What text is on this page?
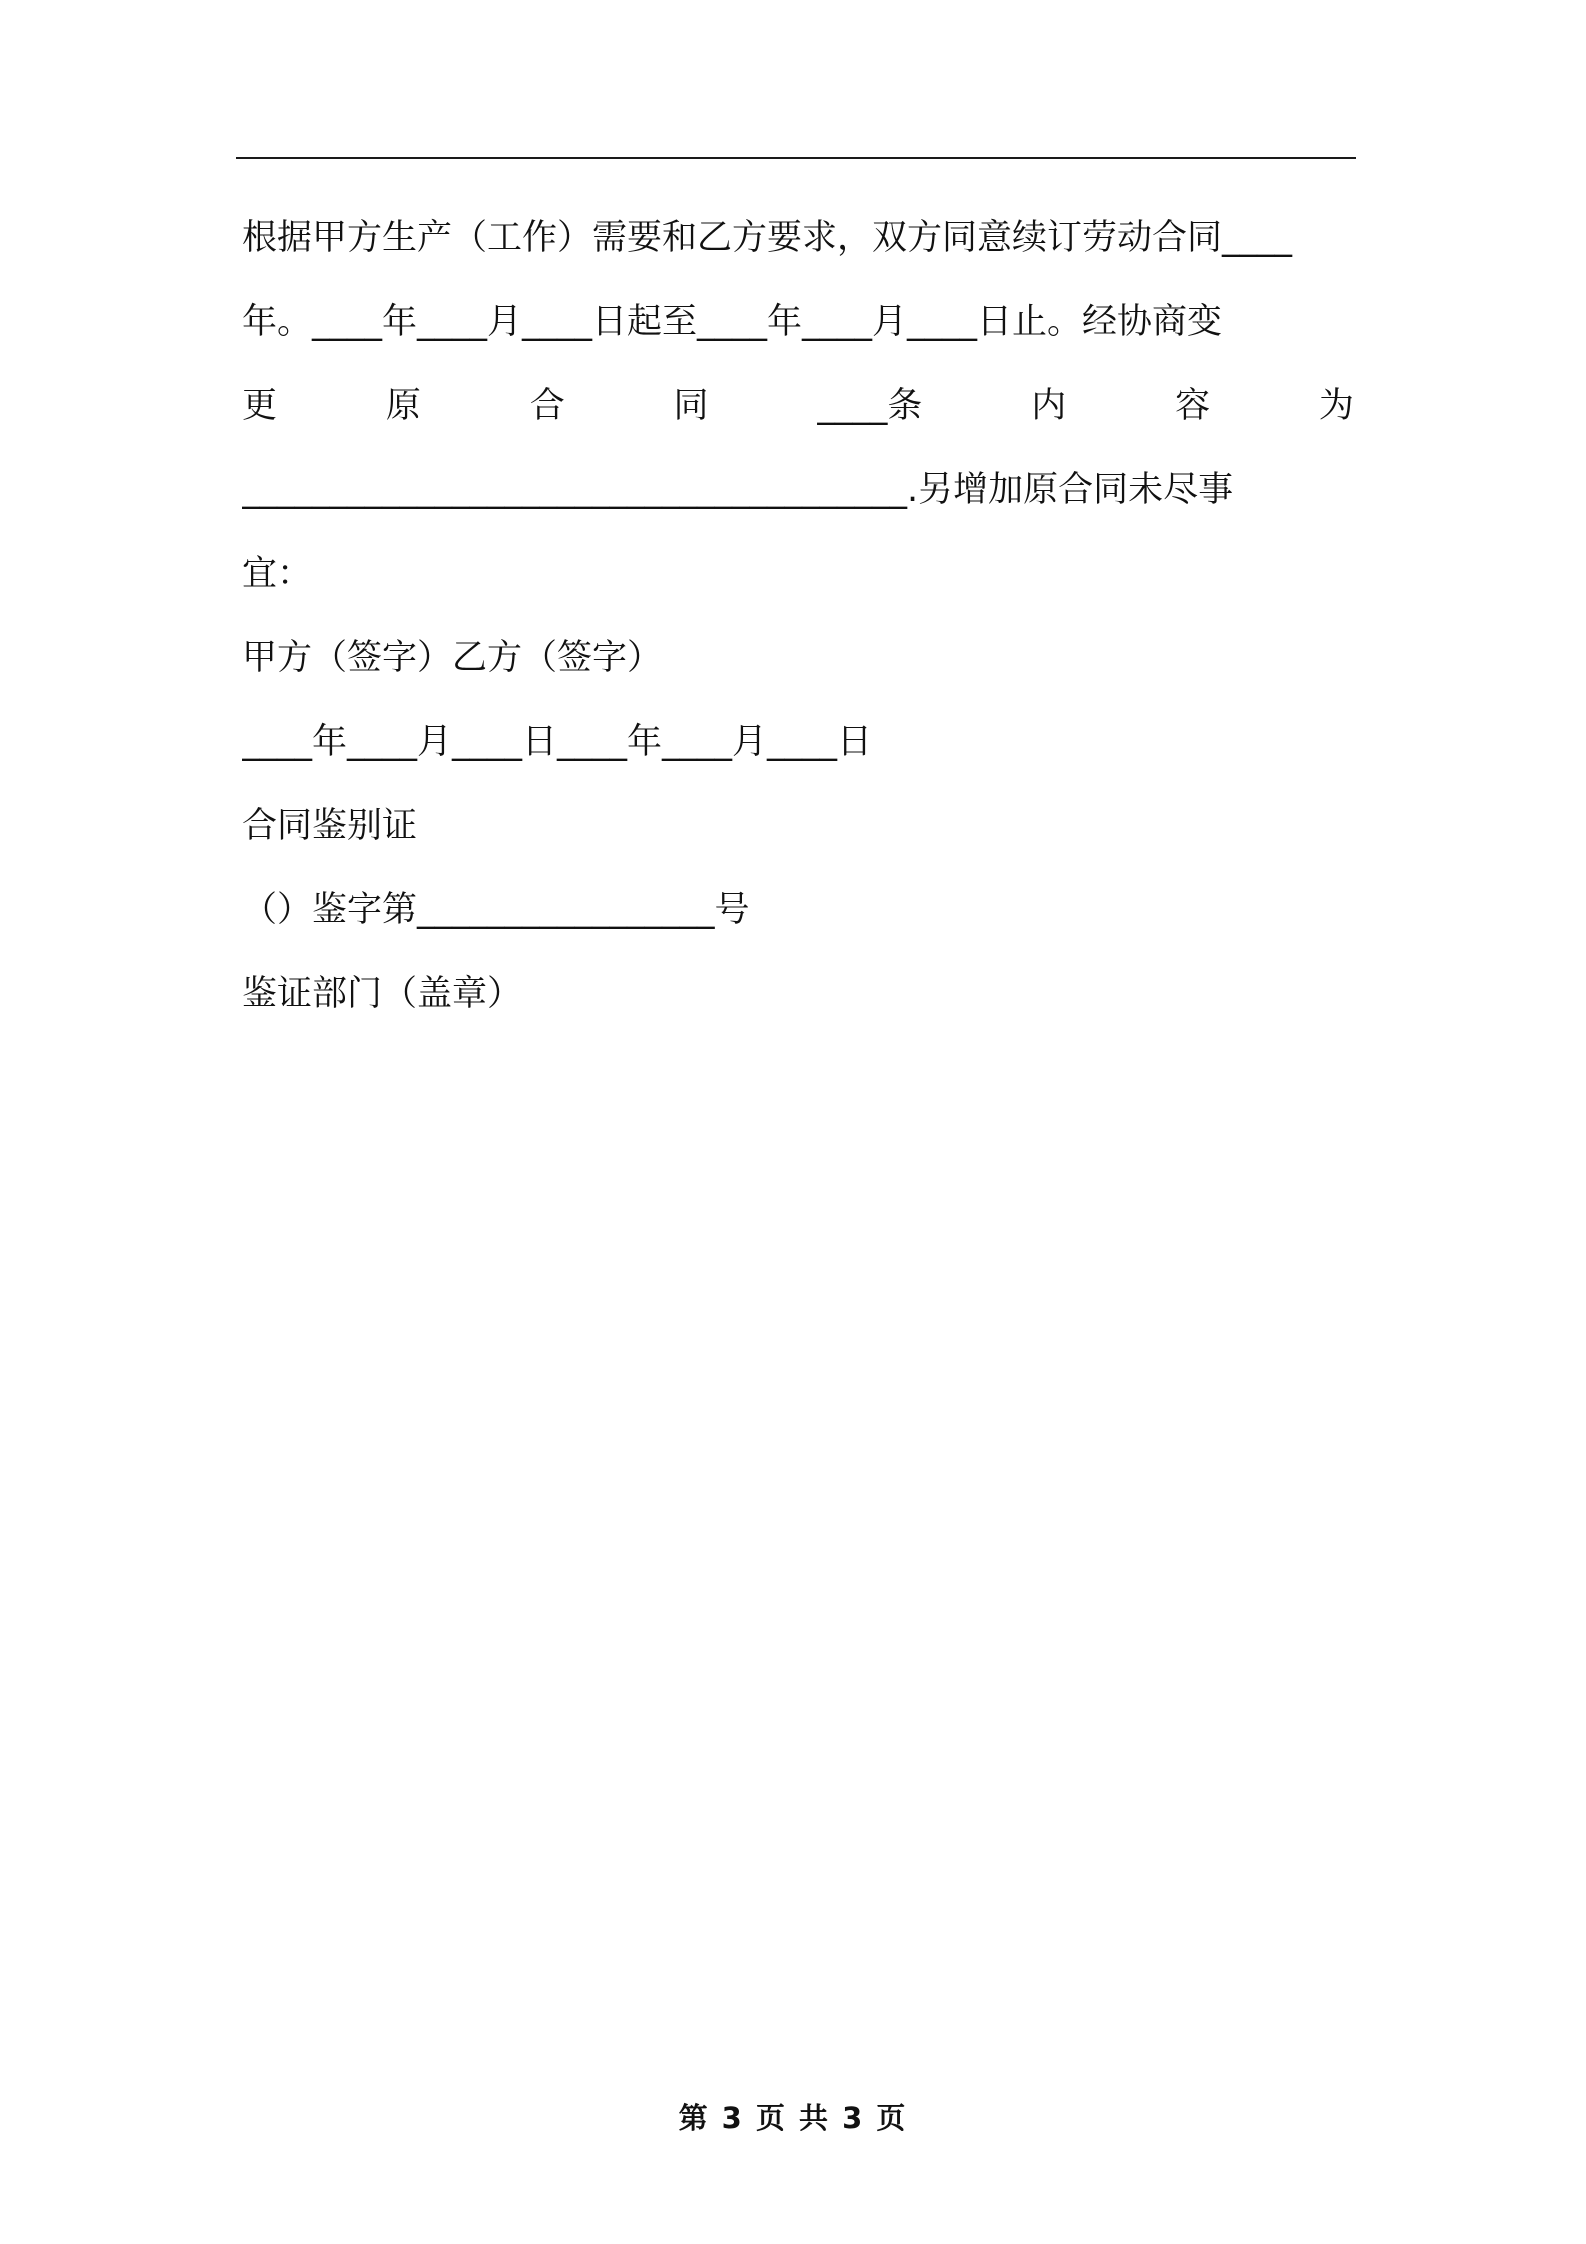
根据甲方生产（工作）需要和乙方要求，双方同意续订劳动合同____
年。____年____月____日起至____年____月____日止。经协商变
更	原	合	同	____条	内	容	为
______________________________________.另增加原合同未尽事
宜：
甲方（签字）乙方（签字）
____年____月____日____年____月____日
合同鉴别证
（）鉴字第_________________号
鉴证部门（盖章）
第 3 页 共 3 页
